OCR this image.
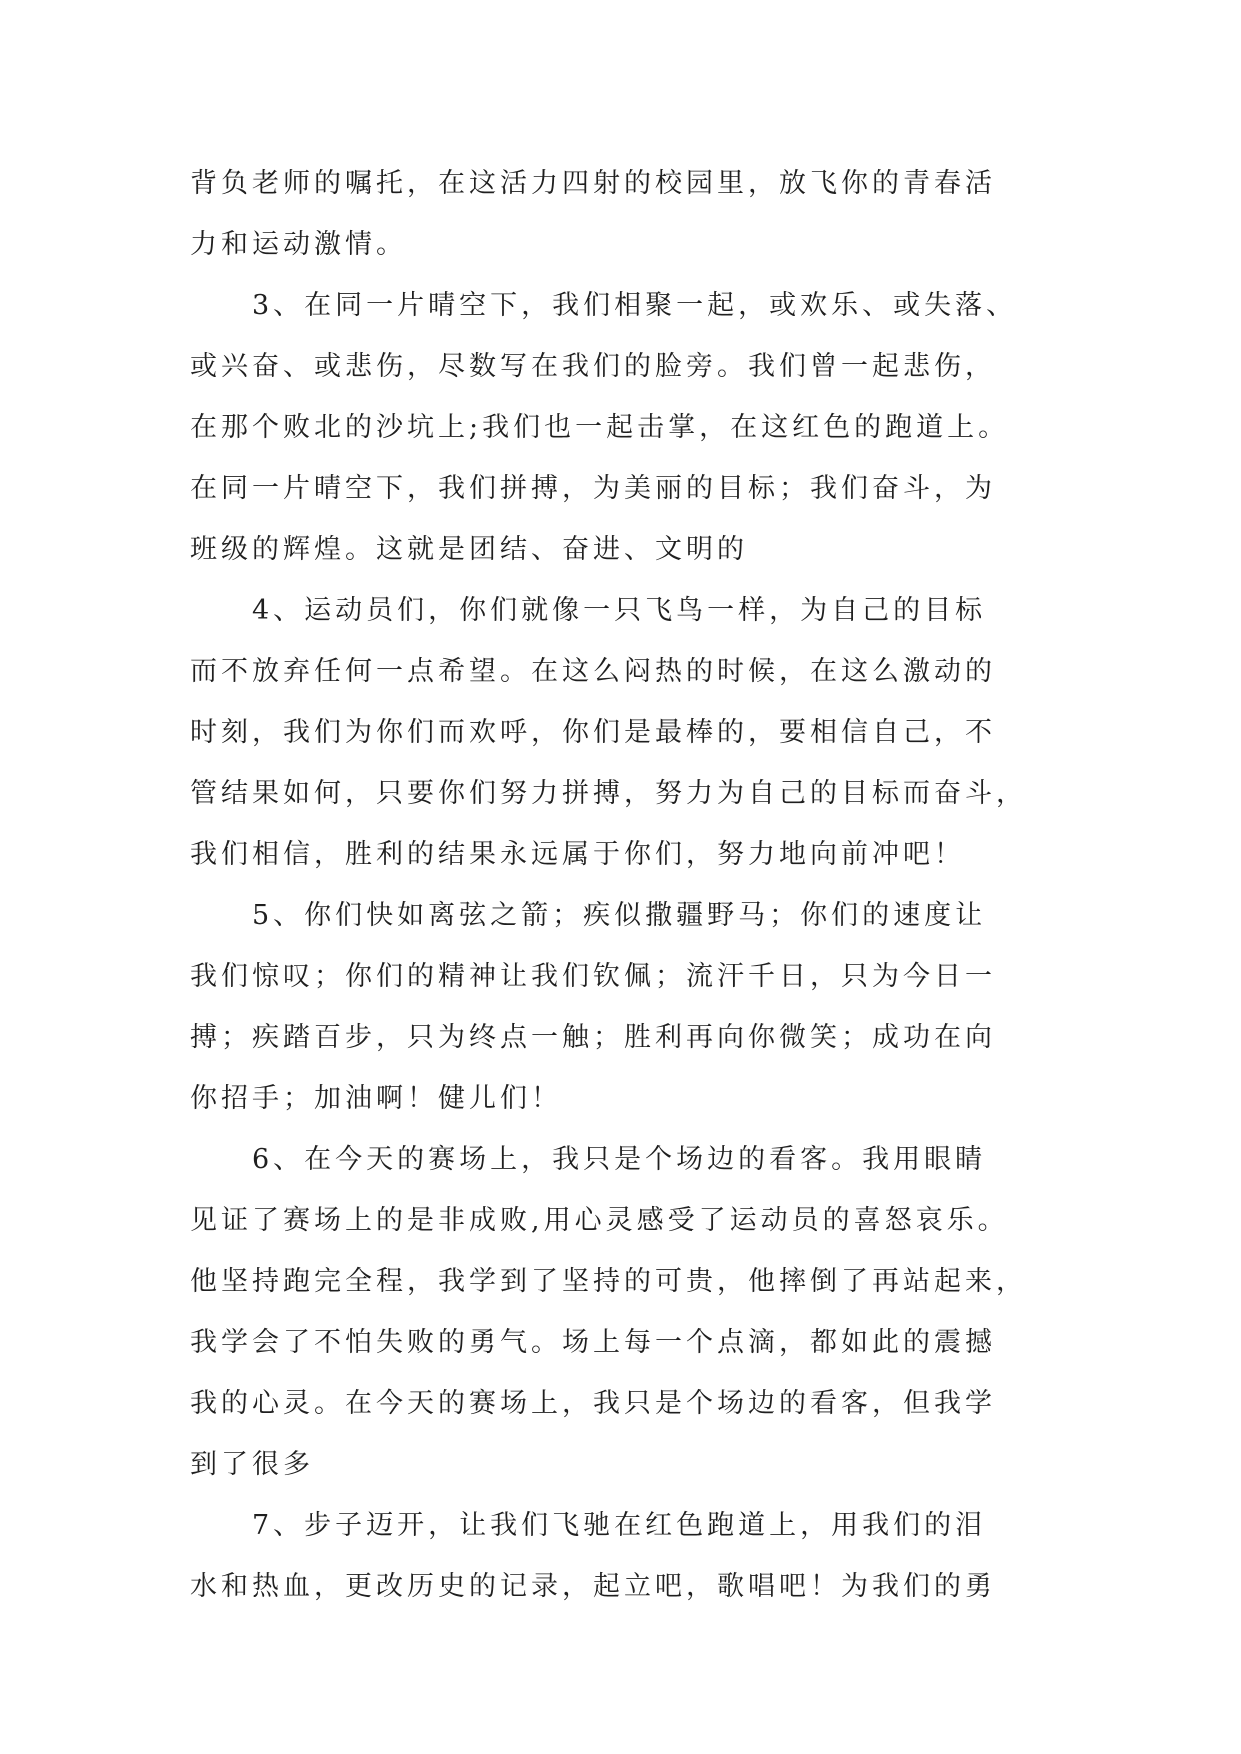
背负老师的嘱托，在这活力四射的校园里，放飞你的青春活
力和运动激情。
3、在同一片晴空下，我们相聚一起，或欢乐、或失落、
或兴奋、或悲伤，尽数写在我们的脸旁。我们曾一起悲伤，
在那个败北的沙坑上;我们也一起击掌，在这红色的跑道上。
在同一片晴空下，我们拼搏，为美丽的目标；我们奋斗，为
班级的辉煌。这就是团结、奋进、文明的
4、运动员们，你们就像一只飞鸟一样，为自己的目标
而不放弃任何一点希望。在这么闷热的时候，在这么激动的
时刻，我们为你们而欢呼，你们是最棒的，要相信自己，不
管结果如何，只要你们努力拼搏，努力为自己的目标而奋斗，
我们相信，胜利的结果永远属于你们，努力地向前冲吧！
5、你们快如离弦之箭；疾似撒疆野马；你们的速度让
我们惊叹；你们的精神让我们钦佩；流汗千日，只为今日一
搏；疾踏百步，只为终点一触；胜利再向你微笑；成功在向
你招手；加油啊！健儿们！
6、在今天的赛场上，我只是个场边的看客。我用眼睛
见证了赛场上的是非成败,用心灵感受了运动员的喜怒哀乐。
他坚持跑完全程，我学到了坚持的可贵，他摔倒了再站起来，
我学会了不怕失败的勇气。场上每一个点滴，都如此的震撼
我的心灵。在今天的赛场上，我只是个场边的看客，但我学
到了很多
7、步子迈开，让我们飞驰在红色跑道上，用我们的泪
水和热血，更改历史的记录，起立吧，歌唱吧！为我们的勇
